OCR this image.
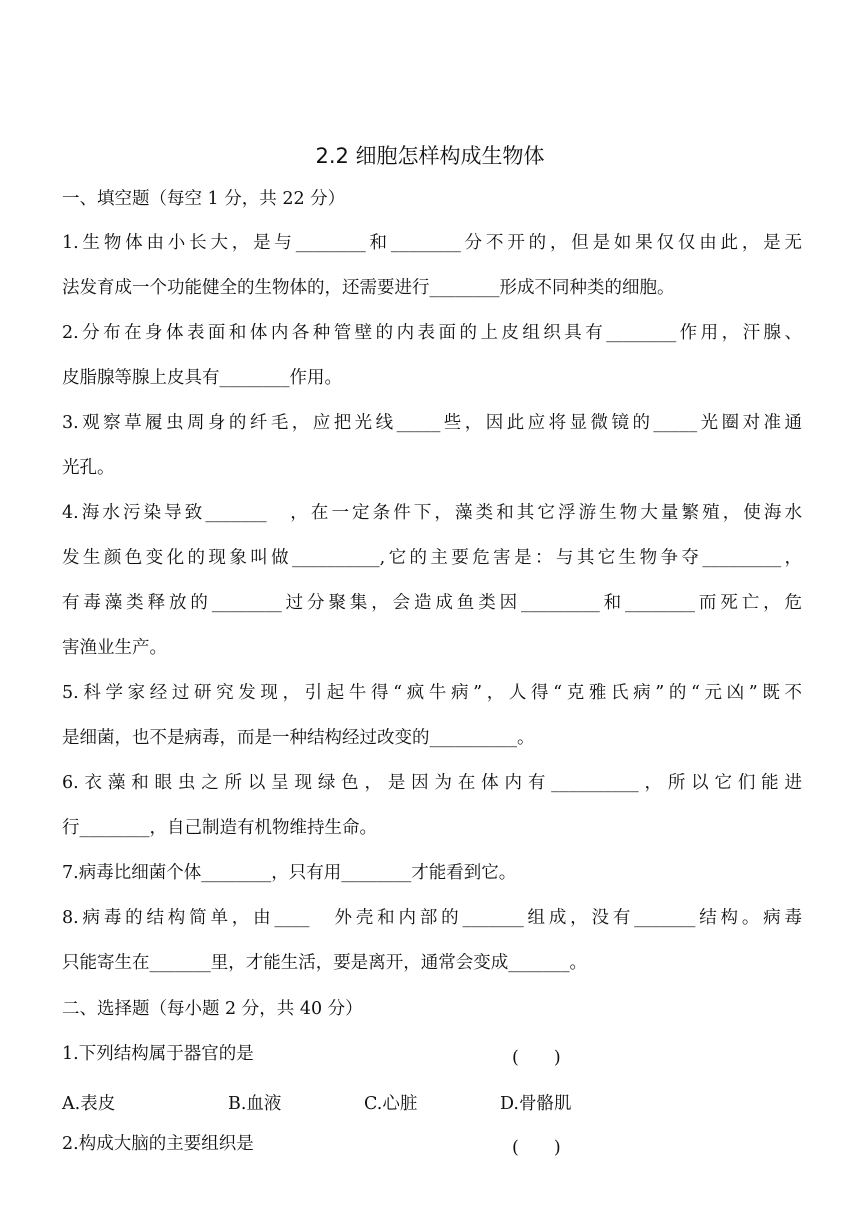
2.2 细胞怎样构成生物体
一、填空题（每空 1 分，共 22 分）
1.生物体由小长大，是与________和________分不开的，但是如果仅仅由此，是无
法发育成一个功能健全的生物体的，还需要进行________形成不同种类的细胞。
2.分布在身体表面和体内各种管壁的内表面的上皮组织具有________作用，汗腺、
皮脂腺等腺上皮具有________作用。
3.观察草履虫周身的纤毛，应把光线_____些，因此应将显微镜的_____光圈对准通
光孔。
4.海水污染导致_______　，在一定条件下，藻类和其它浮游生物大量繁殖，使海水
发生颜色变化的现象叫做__________,它的主要危害是：与其它生物争夺_________，
有毒藻类释放的________过分聚集，会造成鱼类因_________和________而死亡，危
害渔业生产。
5.科学家经过研究发现，引起牛得“疯牛病”，人得“克雅氏病”的“元凶”既不
是细菌，也不是病毒，而是一种结构经过改变的__________。
6.衣藻和眼虫之所以呈现绿色，是因为在体内有__________，所以它们能进
行________，自己制造有机物维持生命。
7.病毒比细菌个体________，只有用________才能看到它。
8.病毒的结构简单，由____　外壳和内部的_______组成，没有_______结构。病毒
只能寄生在_______里，才能生活，要是离开，通常会变成_______。
二、选择题（每小题 2 分，共 40 分）
1.下列结构属于器官的是	(　　)
A.表皮	B.血液	C.心脏	D.骨骼肌
2.构成大脑的主要组织是	(　　)
